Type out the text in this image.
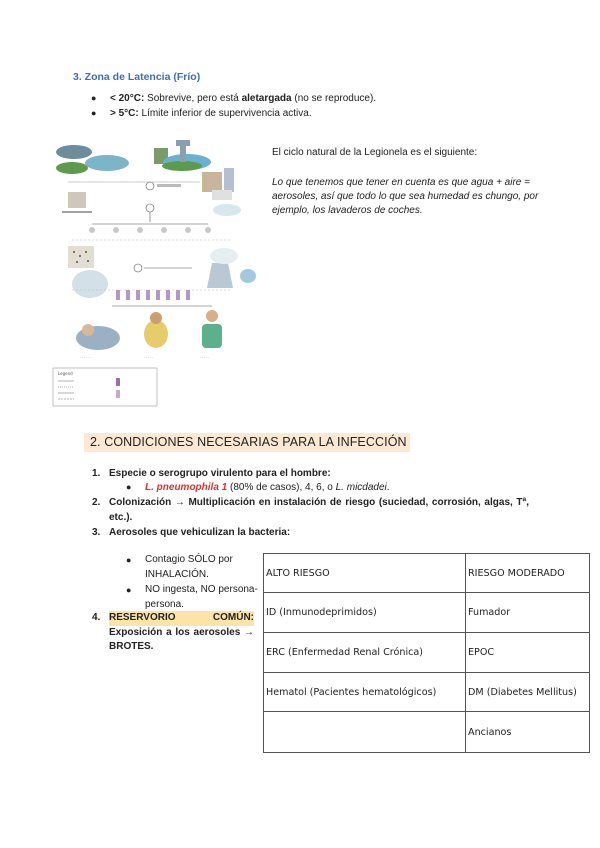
3. Zona de Latencia (Frío)
● < 20°C: Sobrevive, pero está aletargada (no se reproduce).
● > 5°C: Límite inferior de supervivencia activa.
- - - - - -	- - - - -	- - - - -
Legend

El ciclo natural de la Legionela es el siguiente:

Lo que tenemos que tener en cuenta es que agua + aire = aerosoles, así que todo lo que sea humedad es chungo, por ejemplo, los lavaderos de coches.

2. CONDICIONES NECESARIAS PARA LA INFECCIÓN
1. Especie o serogrupo virulento para el hombre:
● L. pneumophila 1 (80% de casos), 4, 6, o L. micdadei.
2. Colonización → Multiplicación en instalación de riesgo (suciedad, corrosión, algas, Tª, etc.).
3. Aerosoles que vehiculizan la bacteria:
● Contagio SÓLO por INHALACIÓN.
● NO ingesta, NO persona-persona.
4. RESERVORIO COMÚN:
Exposición a los aerosoles → BROTES.
ALTO RIESGO	RIESGO MODERADO
ID (Inmunodeprimidos)	Fumador
ERC (Enfermedad Renal Crónica)	EPOC
Hematol (Pacientes hematológicos)	DM (Diabetes Mellitus)
	Ancianos
